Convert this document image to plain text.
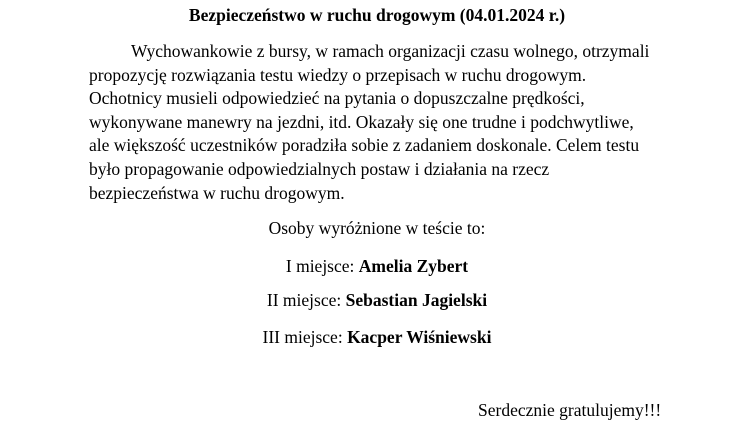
Bezpieczeństwo w ruchu drogowym (04.01.2024 r.)
Wychowankowie z bursy, w ramach organizacji czasu wolnego, otrzymali
propozycję rozwiązania testu wiedzy o przepisach w ruchu drogowym.
Ochotnicy musieli odpowiedzieć na pytania o dopuszczalne prędkości,
wykonywane manewry na jezdni, itd. Okazały się one trudne i podchwytliwe,
ale większość uczestników poradziła sobie z zadaniem doskonale. Celem testu
było propagowanie odpowiedzialnych postaw i działania na rzecz
bezpieczeństwa w ruchu drogowym.
Osoby wyróżnione w teście to:
I miejsce: Amelia Zybert
II miejsce: Sebastian Jagielski
III miejsce: Kacper Wiśniewski
Serdecznie gratulujemy!!!
